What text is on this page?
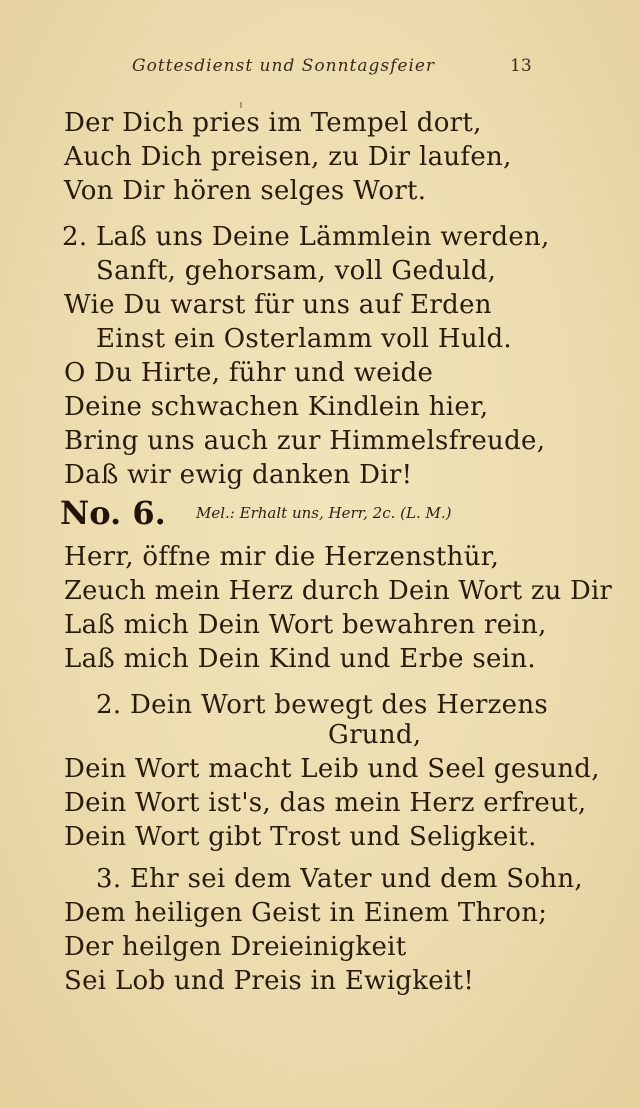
Gottesdienst und Sonntagsfeier	13
Der Dich pries im Tempel dort,
Auch Dich preisen, zu Dir laufen,
Von Dir hören selges Wort.
2. Laß uns Deine Lämmlein werden,
Sanft, gehorsam, voll Geduld,
Wie Du warst für uns auf Erden
Einst ein Osterlamm voll Huld.
O Du Hirte, führ und weide
Deine schwachen Kindlein hier,
Bring uns auch zur Himmelsfreude,
Daß wir ewig danken Dir!
No. 6. Mel.: Erhalt uns, Herr, 2c. (L. M.)
Herr, öffne mir die Herzensthür,
Zeuch mein Herz durch Dein Wort zu Dir
Laß mich Dein Wort bewahren rein,
Laß mich Dein Kind und Erbe sein.
2. Dein Wort bewegt des Herzens
Grund,
Dein Wort macht Leib und Seel gesund,
Dein Wort ist's, das mein Herz erfreut,
Dein Wort gibt Trost und Seligkeit.
3. Ehr sei dem Vater und dem Sohn,
Dem heiligen Geist in Einem Thron;
Der heilgen Dreieinigkeit
Sei Lob und Preis in Ewigkeit!
